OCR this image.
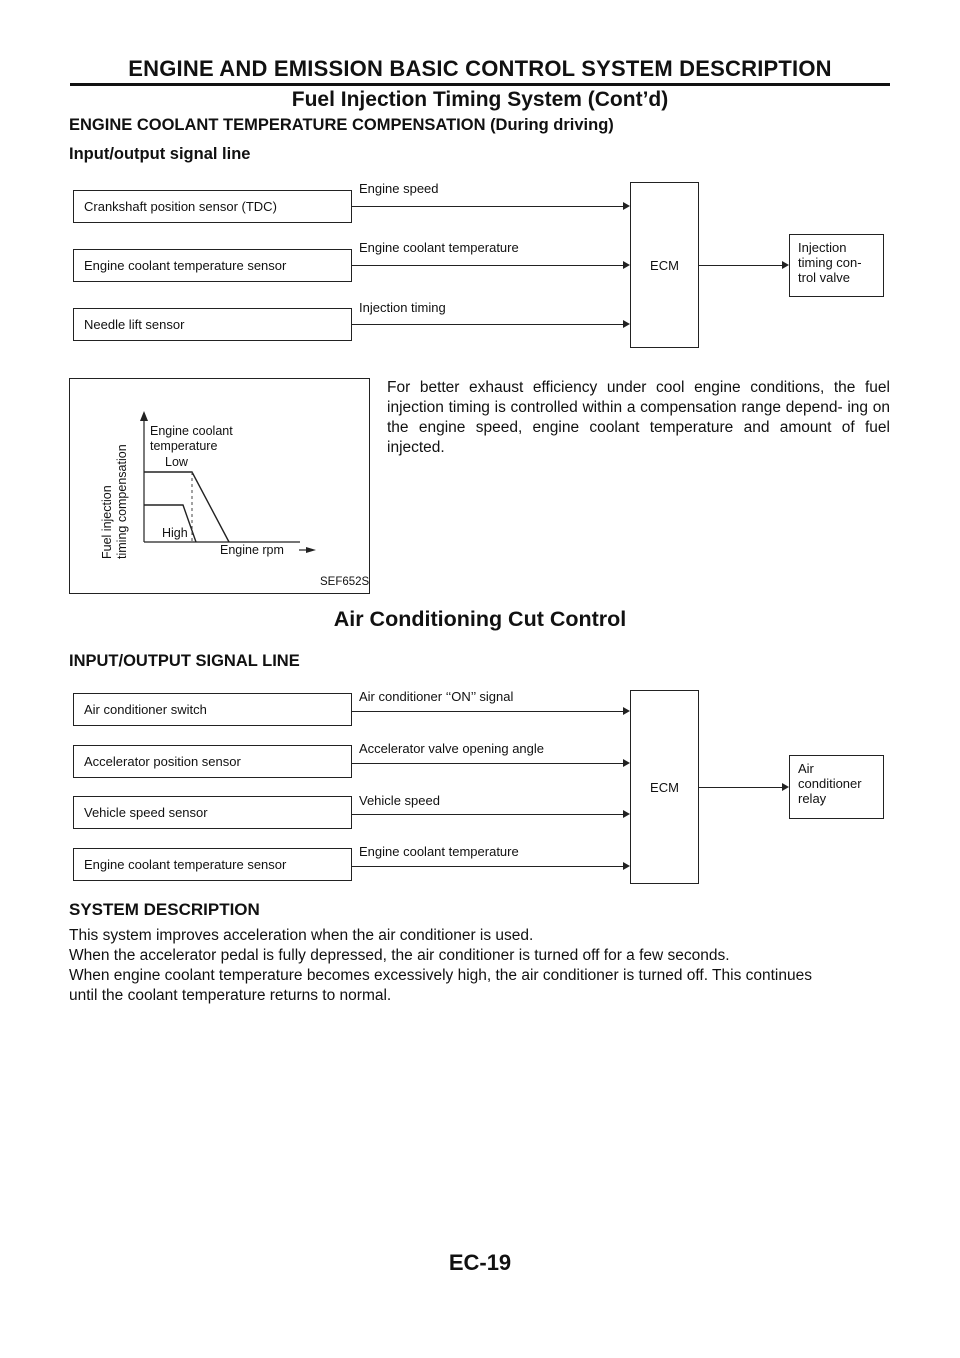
ENGINE AND EMISSION BASIC CONTROL SYSTEM DESCRIPTION
Fuel Injection Timing System (Cont’d)
ENGINE COOLANT TEMPERATURE COMPENSATION (During driving)
Input/output signal line
Crankshaft position sensor (TDC)
Engine speed
Engine coolant temperature sensor
Engine coolant temperature
Needle lift sensor
Injection timing
ECM
Injection
timing con-
trol valve
Fuel injection timing compensation
Engine coolant
temperature
Low
High
Engine rpm
SEF652S
For better exhaust efficiency under cool engine conditions, the fuel injection timing is controlled within a compensation range depend- ing on the engine speed, engine coolant temperature and amount of fuel injected.
Air Conditioning Cut Control
INPUT/OUTPUT SIGNAL LINE
Air conditioner switch
Air conditioner ‘‘ON’’ signal
Accelerator position sensor
Accelerator valve opening angle
Vehicle speed sensor
Vehicle speed
Engine coolant temperature sensor
Engine coolant temperature
ECM
Air
conditioner
relay
SYSTEM DESCRIPTION
This system improves acceleration when the air conditioner is used.
When the accelerator pedal is fully depressed, the air conditioner is turned off for a few seconds.
When engine coolant temperature becomes excessively high, the air conditioner is turned off. This continues
until the coolant temperature returns to normal.
EC-19
